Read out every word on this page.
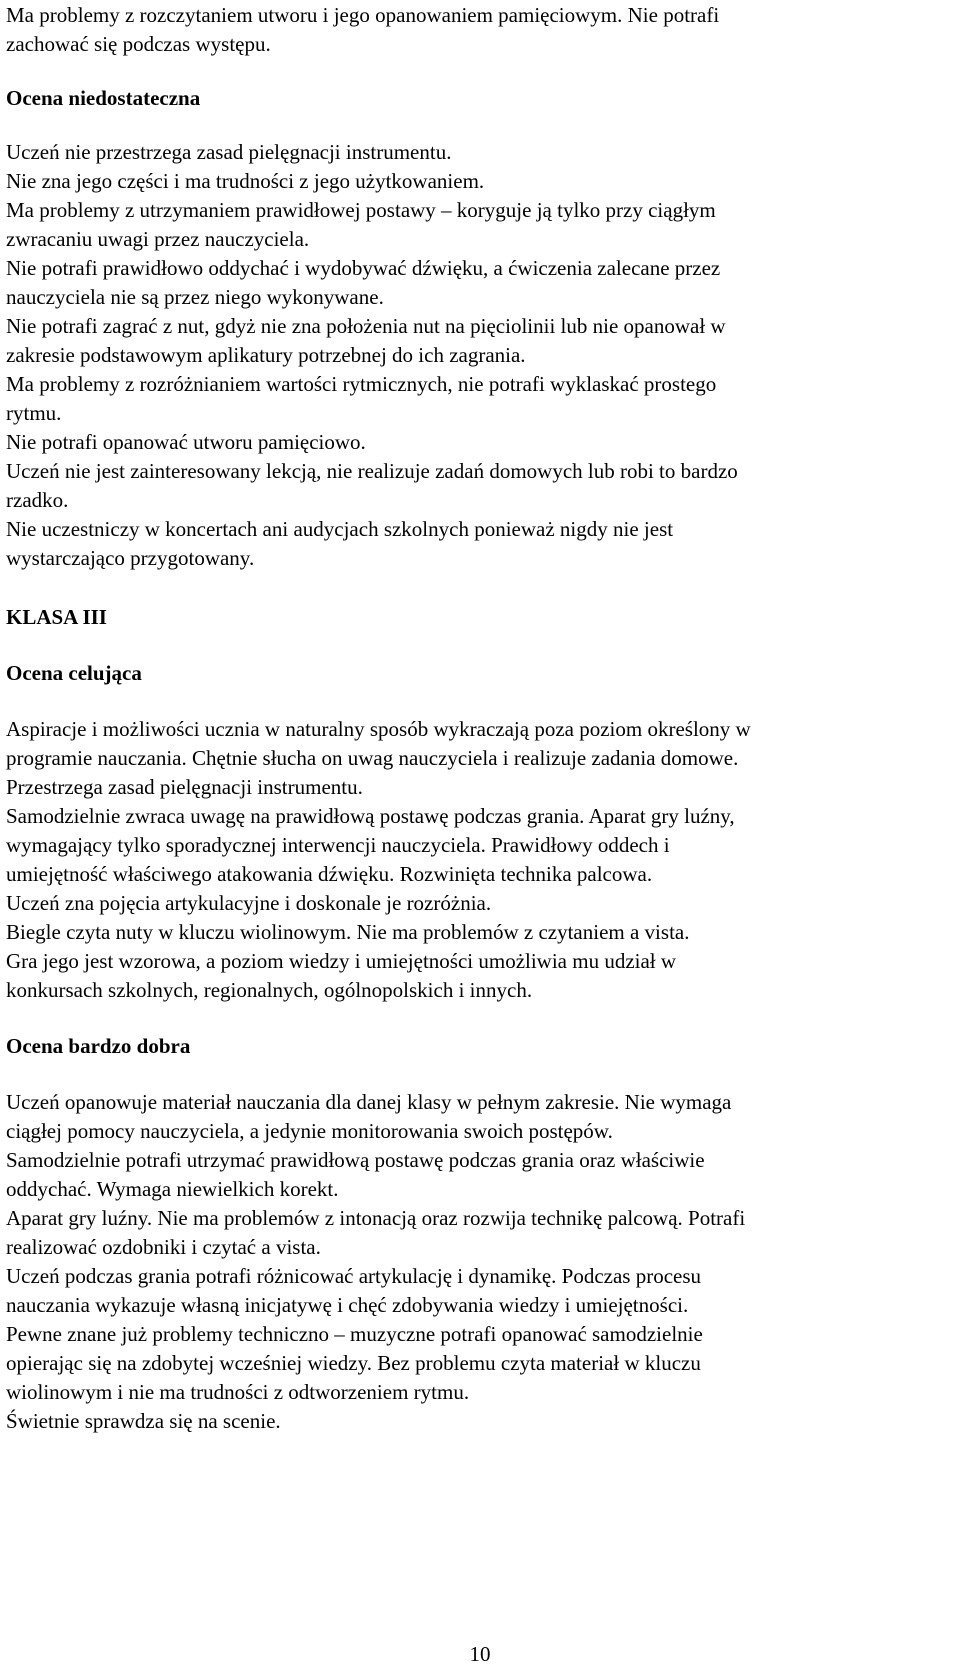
Ma problemy z rozczytaniem utworu i jego opanowaniem pamięciowym. Nie potrafi

zachować się podczas występu.

Ocena niedostateczna

Uczeń nie przestrzega zasad pielęgnacji instrumentu.

Nie zna jego części i ma trudności z jego użytkowaniem.

Ma problemy z utrzymaniem prawidłowej postawy – koryguje ją tylko przy ciągłym

zwracaniu uwagi przez nauczyciela.

Nie potrafi prawidłowo oddychać i wydobywać dźwięku, a ćwiczenia zalecane przez

nauczyciela nie są przez niego wykonywane.

Nie potrafi zagrać z nut, gdyż nie zna położenia nut na pięciolinii lub nie opanował w

zakresie podstawowym aplikatury potrzebnej do ich zagrania.

Ma problemy z rozróżnianiem wartości rytmicznych, nie potrafi wyklaskać prostego

rytmu.

Nie potrafi opanować utworu pamięciowo.

Uczeń nie jest zainteresowany lekcją, nie realizuje zadań domowych lub robi to bardzo

rzadko.

Nie uczestniczy w koncertach ani audycjach szkolnych ponieważ nigdy nie jest

wystarczająco przygotowany.

KLASA III
Ocena celująca

Aspiracje i możliwości ucznia w naturalny sposób wykraczają poza poziom określony w

programie nauczania. Chętnie słucha on uwag nauczyciela i realizuje zadania domowe.

Przestrzega zasad pielęgnacji instrumentu.

Samodzielnie zwraca uwagę na prawidłową postawę podczas grania. Aparat gry luźny,

wymagający tylko sporadycznej interwencji nauczyciela. Prawidłowy oddech i

umiejętność właściwego atakowania dźwięku. Rozwinięta technika palcowa.

Uczeń zna pojęcia artykulacyjne i doskonale je rozróżnia.

Biegle czyta nuty w kluczu wiolinowym. Nie ma problemów z czytaniem a vista.

Gra jego jest wzorowa, a poziom wiedzy i umiejętności umożliwia mu udział w

konkursach szkolnych, regionalnych, ogólnopolskich i innych.

Ocena bardzo dobra

Uczeń opanowuje materiał nauczania dla danej klasy w pełnym zakresie. Nie wymaga

ciągłej pomocy nauczyciela, a jedynie monitorowania swoich postępów.

Samodzielnie potrafi utrzymać prawidłową postawę podczas grania oraz właściwie

oddychać. Wymaga niewielkich korekt.

Aparat gry luźny. Nie ma problemów z intonacją oraz rozwija technikę palcową. Potrafi

realizować ozdobniki i czytać a vista.

Uczeń podczas grania potrafi różnicować artykulację i dynamikę. Podczas procesu

nauczania wykazuje własną inicjatywę i chęć zdobywania wiedzy i umiejętności.

Pewne znane już problemy techniczno – muzyczne potrafi opanować samodzielnie

opierając się na zdobytej wcześniej wiedzy. Bez problemu czyta materiał w kluczu

wiolinowym i nie ma trudności z odtworzeniem rytmu.

Świetnie sprawdza się na scenie.

10
